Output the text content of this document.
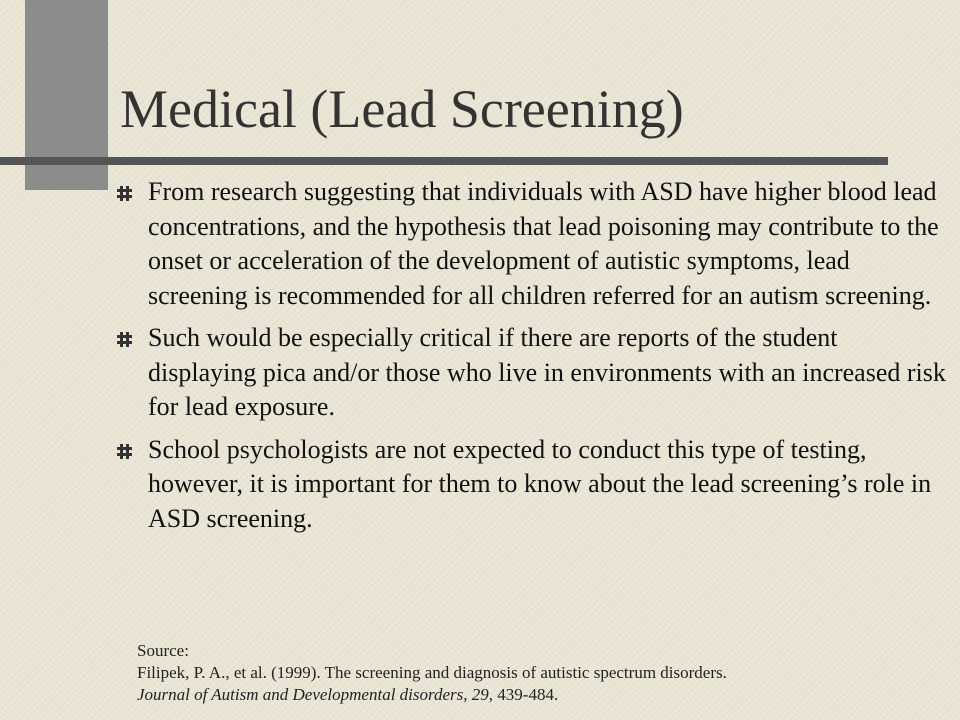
Medical (Lead Screening)
From research suggesting that individuals with ASD have higher blood lead concentrations, and the hypothesis that lead poisoning may contribute to the onset or acceleration of the development of autistic symptoms, lead screening is recommended for all children referred for an autism screening.
Such would be especially critical if there are reports of the student displaying pica and/or those who live in environments with an increased risk for lead exposure.
School psychologists are not expected to conduct this type of testing, however, it is important for them to know about the lead screening’s role in ASD screening.
Source:
Filipek, P. A., et al. (1999). The screening and diagnosis of autistic spectrum disorders.
Journal of Autism and Developmental disorders, 29, 439-484.
